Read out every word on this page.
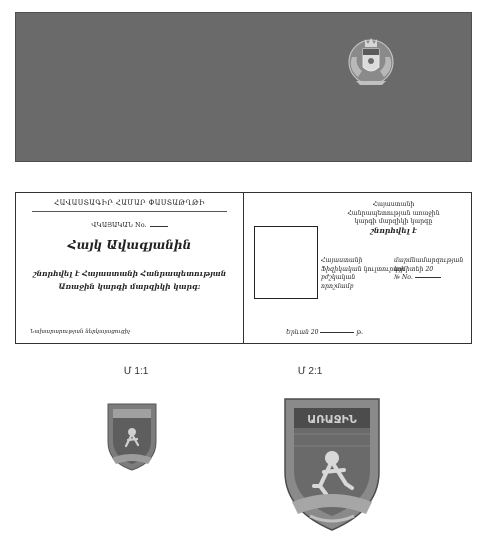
ՀԱՎԱՍՏԱԳԻՐ ՀԱՄԱՐ ՓԱՍՏԱԹՂԹԻ
ՎԿԱՅԱԿԱՆ No.
Հայկ Ավագյանին
շնորհվել է Հայաստանի Հանրապետության
Առաջին կարգի մարզիկի կարգ:
Նախարարության ներկայացուցիչ
Հայաստանի
Հանրապետության առաջին
կարգի մարզիկի կարգը
շնորհվել է
Հայաստանի
Ֆիզիկական կուլտուրայի
բժշկական
որոշմամբ
մարմնամարզության
կոմիտեի 20
№ No.
Երևան 20	թ.
Մ 1:1	Մ 2:1
ԱՌԱՋԻՆ
